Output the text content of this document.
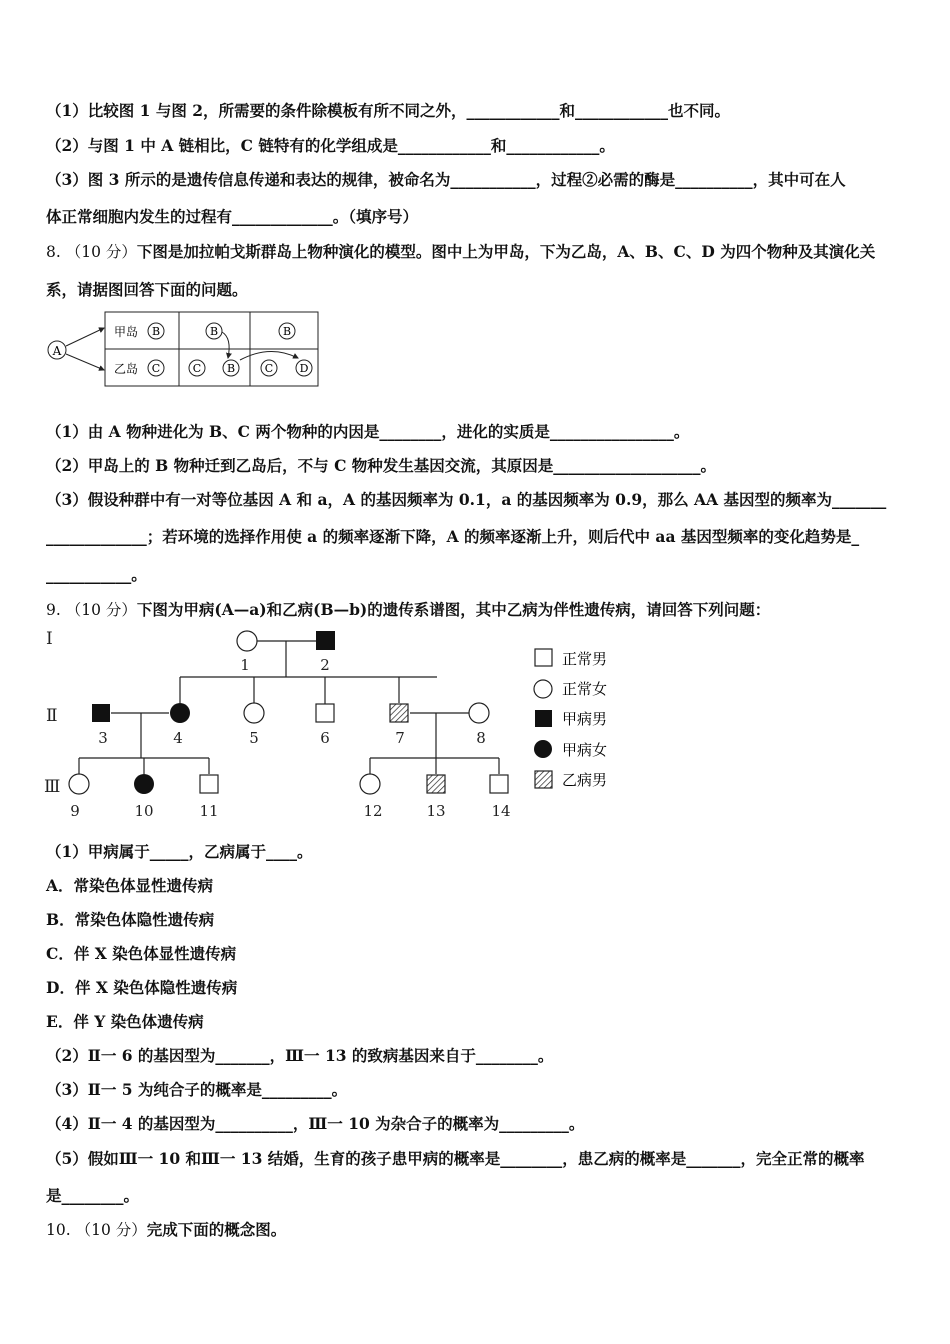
（1）比较图 1 与图 2，所需要的条件除模板有所不同之外，____________和____________也不同。
（2）与图 1 中 A 链相比，C 链特有的化学组成是____________和____________。
（3）图 3 所示的是遗传信息传递和表达的规律，被命名为___________，过程②必需的酶是__________，其中可在人
体正常细胞内发生的过程有_____________。（填序号）
8. （10 分）下图是加拉帕戈斯群岛上物种演化的模型。图中上为甲岛，下为乙岛，A、B、C、D 为四个物种及其演化关
系，请据图回答下面的问题。
A
甲岛
乙岛
B
C
B
C B
B
C D
（1）由 A 物种进化为 B、C 两个物种的内因是________，进化的实质是________________。
（2）甲岛上的 B 物种迁到乙岛后，不与 C 物种发生基因交流，其原因是___________________。
（3）假设种群中有一对等位基因 A 和 a，A 的基因频率为 0.1，a 的基因频率为 0.9，那么 AA 基因型的频率为_______
_____________；若环境的选择作用使 a 的频率逐渐下降，A 的频率逐渐上升，则后代中 aa 基因型频率的变化趋势是_
___________。
9. （10 分）下图为甲病(A—a)和乙病(B—b)的遗传系谱图，其中乙病为伴性遗传病，请回答下列问题：
Ⅰ
Ⅱ
Ⅲ
1	2
3	4	5	6	7	8
9	10	11	12	13	14
正常男
正常女
甲病男
甲病女
乙病男
（1）甲病属于_____，乙病属于____。
A．常染色体显性遗传病
B．常染色体隐性遗传病
C．伴 X 染色体显性遗传病
D．伴 X 染色体隐性遗传病
E．伴 Y 染色体遗传病
（2）Ⅱ一 6 的基因型为_______，Ⅲ一 13 的致病基因来自于________。
（3）Ⅱ一 5 为纯合子的概率是_________。
（4）Ⅱ一 4 的基因型为__________，Ⅲ一 10 为杂合子的概率为_________。
（5）假如Ⅲ一 10 和Ⅲ一 13 结婚，生育的孩子患甲病的概率是________，患乙病的概率是_______，完全正常的概率
是________。
10. （10 分）完成下面的概念图。
